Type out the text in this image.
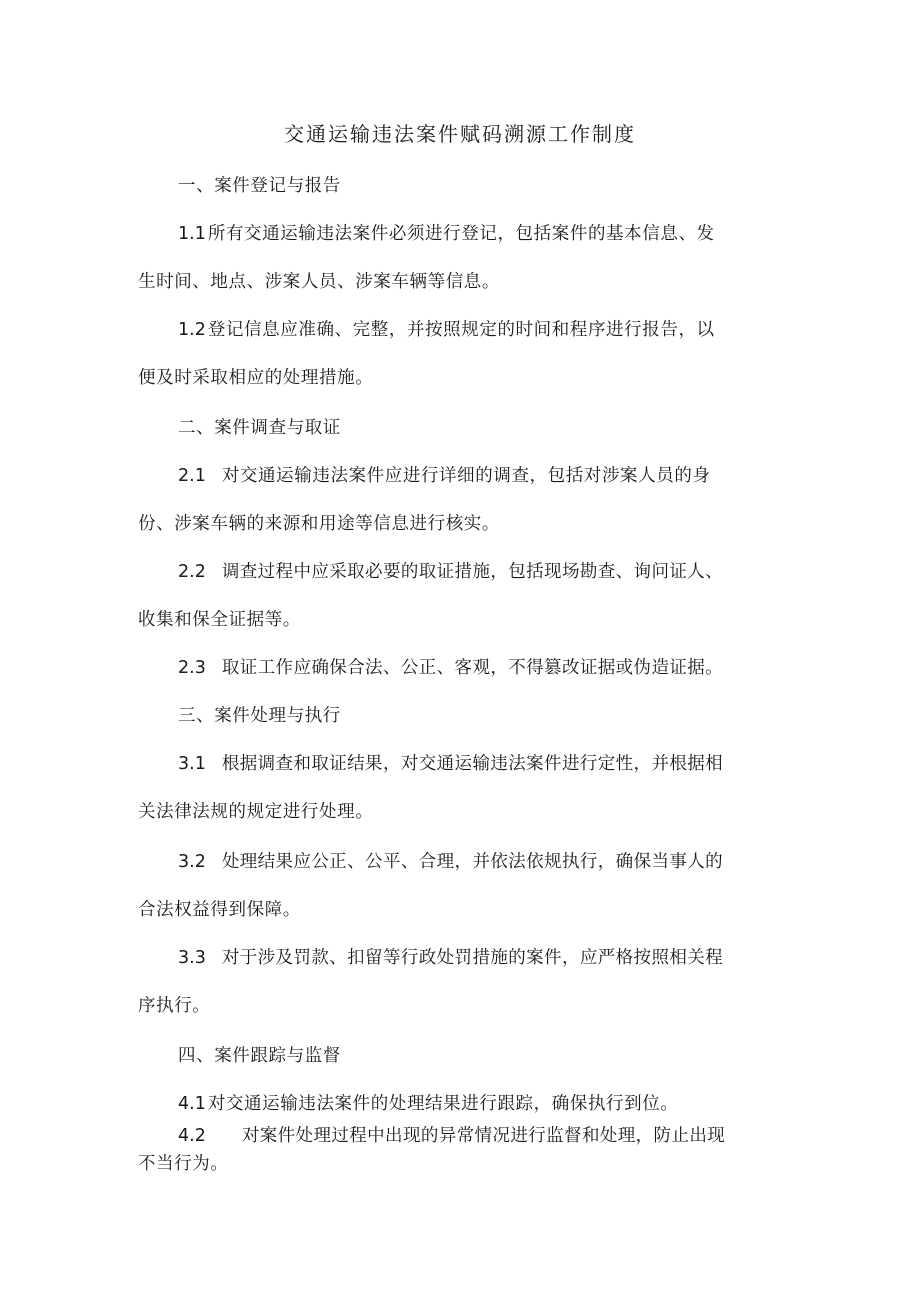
交通运输违法案件赋码溯源工作制度
一、案件登记与报告
1.1 所有交通运输违法案件必须进行登记，包括案件的基本信息、发
生时间、地点、涉案人员、涉案车辆等信息。
1.2 登记信息应准确、完整，并按照规定的时间和程序进行报告，以
便及时采取相应的处理措施。
二、案件调查与取证
2.1 对交通运输违法案件应进行详细的调查，包括对涉案人员的身
份、涉案车辆的来源和用途等信息进行核实。
2.2 调查过程中应采取必要的取证措施，包括现场勘查、询问证人、
收集和保全证据等。
2.3 取证工作应确保合法、公正、客观，不得篡改证据或伪造证据。
三、案件处理与执行
3.1 根据调查和取证结果，对交通运输违法案件进行定性，并根据相
关法律法规的规定进行处理。
3.2 处理结果应公正、公平、合理，并依法依规执行，确保当事人的
合法权益得到保障。
3.3 对于涉及罚款、扣留等行政处罚措施的案件，应严格按照相关程
序执行。
四、案件跟踪与监督
4.1 对交通运输违法案件的处理结果进行跟踪，确保执行到位。
4.2 对案件处理过程中出现的异常情况进行监督和处理，防止出现
不当行为。
